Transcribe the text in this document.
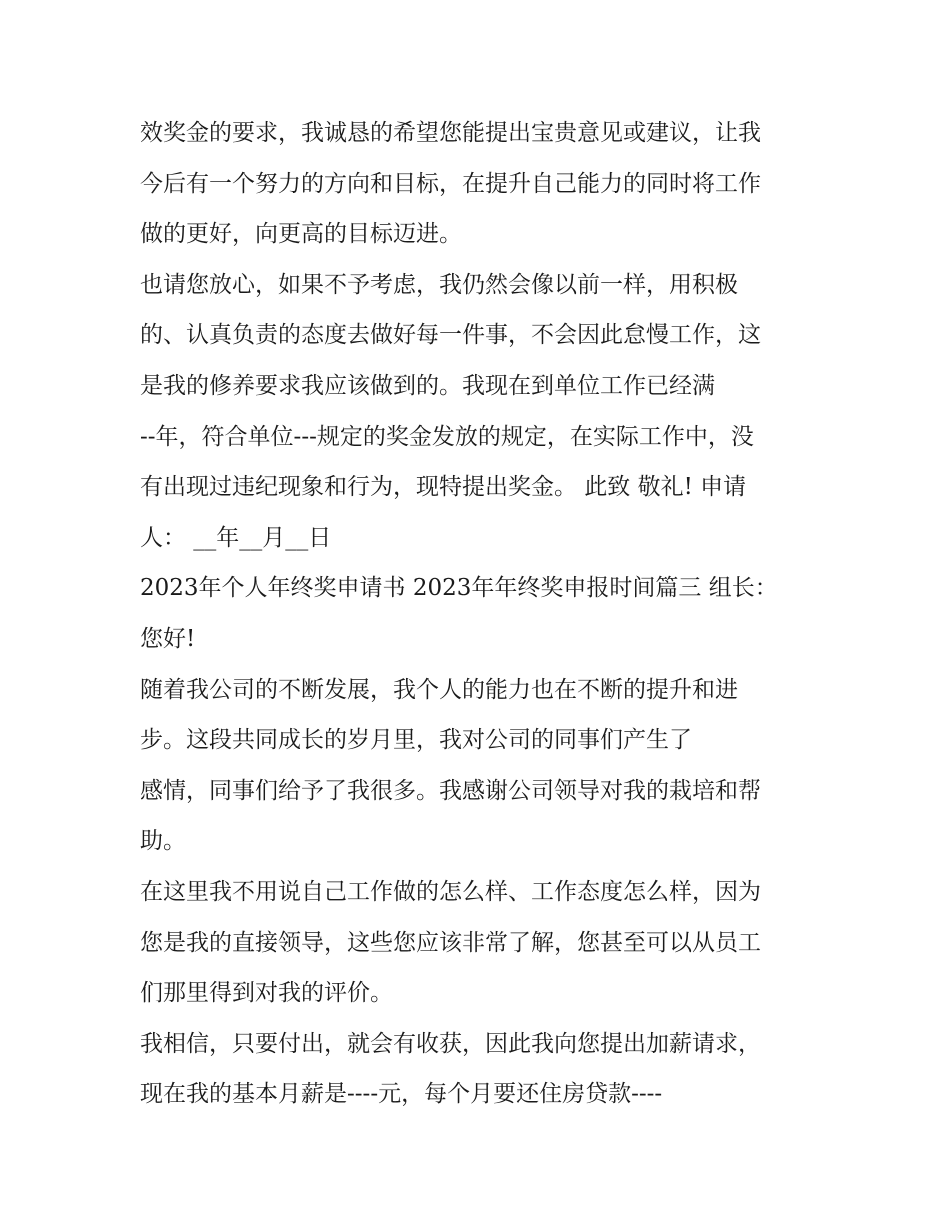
效奖金的要求，我诚恳的希望您能提出宝贵意见或建议，让我
今后有一个努力的方向和目标，在提升自己能力的同时将工作
做的更好，向更高的目标迈进。
也请您放心，如果不予考虑，我仍然会像以前一样，用积极
的、认真负责的态度去做好每一件事，不会因此怠慢工作，这
是我的修养要求我应该做到的。我现在到单位工作已经满
--年，符合单位---规定的奖金发放的规定，在实际工作中，没
有出现过违纪现象和行为，现特提出奖金。 此致 敬礼! 申请
人： __年__月__日
2023年个人年终奖申请书 2023年年终奖申报时间篇三 组长：
您好!
随着我公司的不断发展，我个人的能力也在不断的提升和进
步。这段共同成长的岁月里，我对公司的同事们产生了
感情，同事们给予了我很多。我感谢公司领导对我的栽培和帮
助。
在这里我不用说自己工作做的怎么样、工作态度怎么样，因为
您是我的直接领导，这些您应该非常了解，您甚至可以从员工
们那里得到对我的评价。
我相信，只要付出，就会有收获，因此我向您提出加薪请求，
现在我的基本月薪是----元，每个月要还住房贷款----
